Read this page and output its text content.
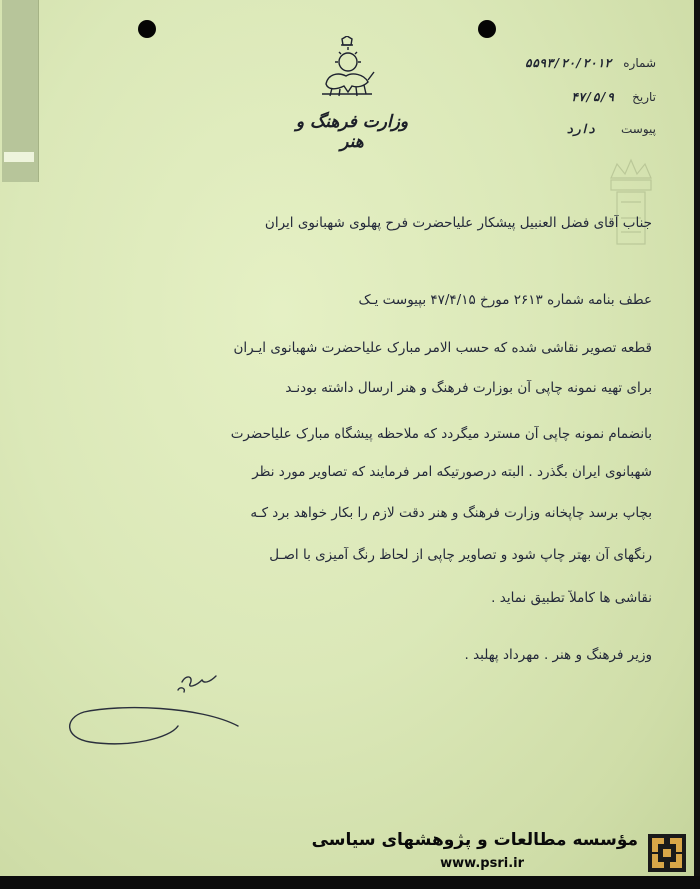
وزارت فرهنگ و هنر
شماره ۵۵۹۳/۲۰/۲۰۱۲
تاریخ ۴۷/۵/۹
پیوست دارد
جناب آقای فضل العنبیل پیشکار علیاحضرت فرح پهلوی شهبانوی ایران
عطف بنامه شماره ۲۶۱۳ مورخ ۴۷/۴/۱۵ بپیوست یـک
قطعه تصویر نقاشی شده که حسب الامر مبارک علیاحضرت شهبانوی ایـران
برای تهیه نمونه چاپی آن بوزارت فرهنگ و هنر ارسال داشته بودنـد
بانضمام نمونه چاپی آن مسترد میگردد که ملاحظه پیشگاه مبارک علیاحضرت
شهبانوی ایران بگذرد . البته درصورتیکه امر فرمایند که تصاویر مورد نظر
بچاپ برسد چاپخانه وزارت فرهنگ و هنر دقت لازم را بکار خواهد برد کـه
رنگهای آن بهتر چاپ شود و تصاویر چاپی از لحاظ رنگ آمیزی با اصـل
نقاشی ها کاملاً تطبیق نماید .
وزیر فرهنگ و هنر . مهرداد پهلبد .
مؤسسه مطالعات و پژوهشهای سیاسی
www.psri.ir
